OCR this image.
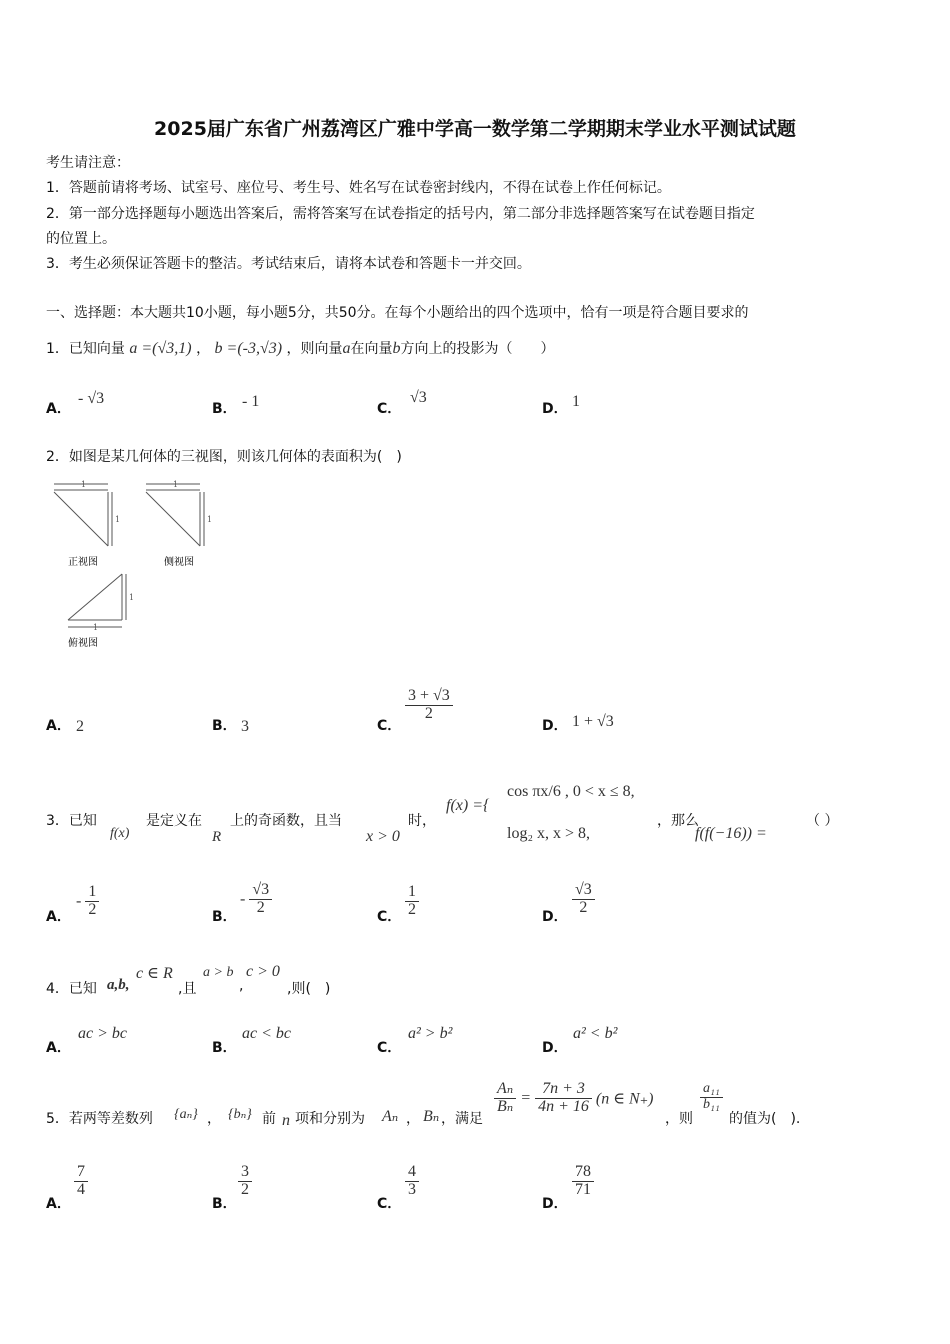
2025届广东省广州荔湾区广雅中学高一数学第二学期期末学业水平测试试题
考生请注意：
1．答题前请将考场、试室号、座位号、考生号、姓名写在试卷密封线内，不得在试卷上作任何标记。
2．第一部分选择题每小题选出答案后，需将答案写在试卷指定的括号内，第二部分非选择题答案写在试卷题目指定
的位置上。
3．考生必须保证答题卡的整洁。考试结束后，请将本试卷和答题卡一并交回。
一、选择题：本大题共10小题，每小题5分，共50分。在每个小题给出的四个选项中，恰有一项是符合题目要求的
1．已知向量 a =(√3,1) ， b =(-3,√3) ，则向量a在向量b方向上的投影为（　　）
A．
- √3
B． - 1	C．
√3
D． 1
2．如图是某几何体的三视图，则该几何体的表面积为(　)
1
1
1
1
1
1
正视图	侧视图
俯视图
A． 2	B． 3	C．
$\frac{3 + √3}{2}$
D． 1 + √3
3．已知
f(x)
是定义在
R
上的奇函数，且当
x > 0
时，
f(x) ={
cos πx/6 , 0 < x ≤ 8,
log₂ x, x > 8,
，那么
f(f(−16)) =
（ ）
A．
- $\frac{1}{2}$	B．
- $\frac{√3}{2}$
C． $\frac{1}{2}$	D．
$\frac{√3}{2}$
4．已知 a,b,
c ∈ R
,且
a > b
,
c > 0
,则(　)
A．
ac > bc
B．
ac < bc
C．
a² > b²
D．
a² < b²
5．若两等差数列 {aₙ} ， {bₙ} 前 n 项和分别为 Aₙ ， Bₙ ，满足
$\frac{\text{Aₙ}}{\text{Bₙ}} = \frac{7n + 3}{4n + 16} (n$ ∈ N₊)
，则
$\frac{\text{a₁₁}}{\text{b₁₁}}$
的值为(　).
A．
$\frac{7}{4}$
B．
$\frac{3}{2}$
C．
$\frac{4}{3}$
D．
$\frac{78}{71}$
